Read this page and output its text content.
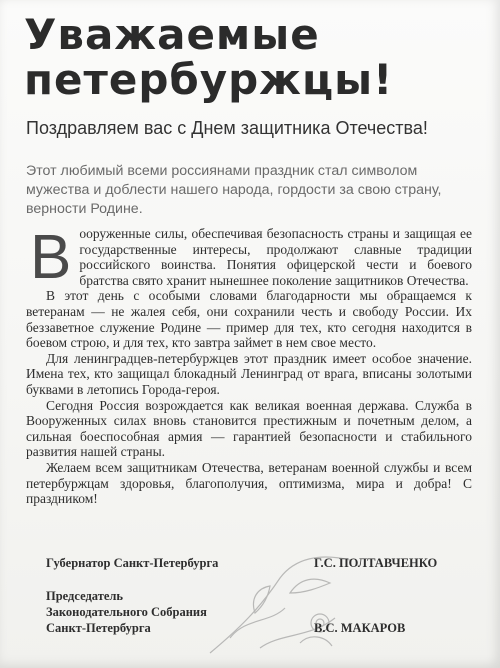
Уважаемые
петербуржцы!

Поздравляем вас с Днем защитника Отечества!

Этот любимый всеми россиянами праздник стал символом мужества и доблести нашего народа, гордости за свою страну, верности Родине.

В ооруженные силы, обеспечивая безопасность страны и защищая ее государственные интересы, продолжают славные традиции российского воинства. Понятия офицерской чести и боевого братства свято хранит нынешнее поколение защитников Отечества.

В этот день с особыми словами благодарности мы обращаемся к ветеранам — не жалея себя, они сохранили честь и свободу России. Их беззаветное служение Родине — пример для тех, кто сегодня находится в боевом строю, и для тех, кто завтра займет в нем свое место.

Для ленинградцев-петербуржцев этот праздник имеет особое значение. Имена тех, кто защищал блокадный Ленинград от врага, вписаны золотыми буквами в летопись Города-героя.

Сегодня Россия возрождается как великая военная держава. Служба в Вооруженных силах вновь становится престижным и почетным делом, а сильная боеспособная армия — гарантией безопасности и стабильного развития нашей страны.

Желаем всем защитникам Отечества, ветеранам военной службы и всем петербуржцам здоровья, благополучия, оптимизма, мира и добра! С праздником!

Губернатор Санкт-Петербурга	Г.С. ПОЛТАВЧЕНКО
Председатель
Законодательного Собрания
Санкт-Петербурга	В.С. МАКАРОВ
